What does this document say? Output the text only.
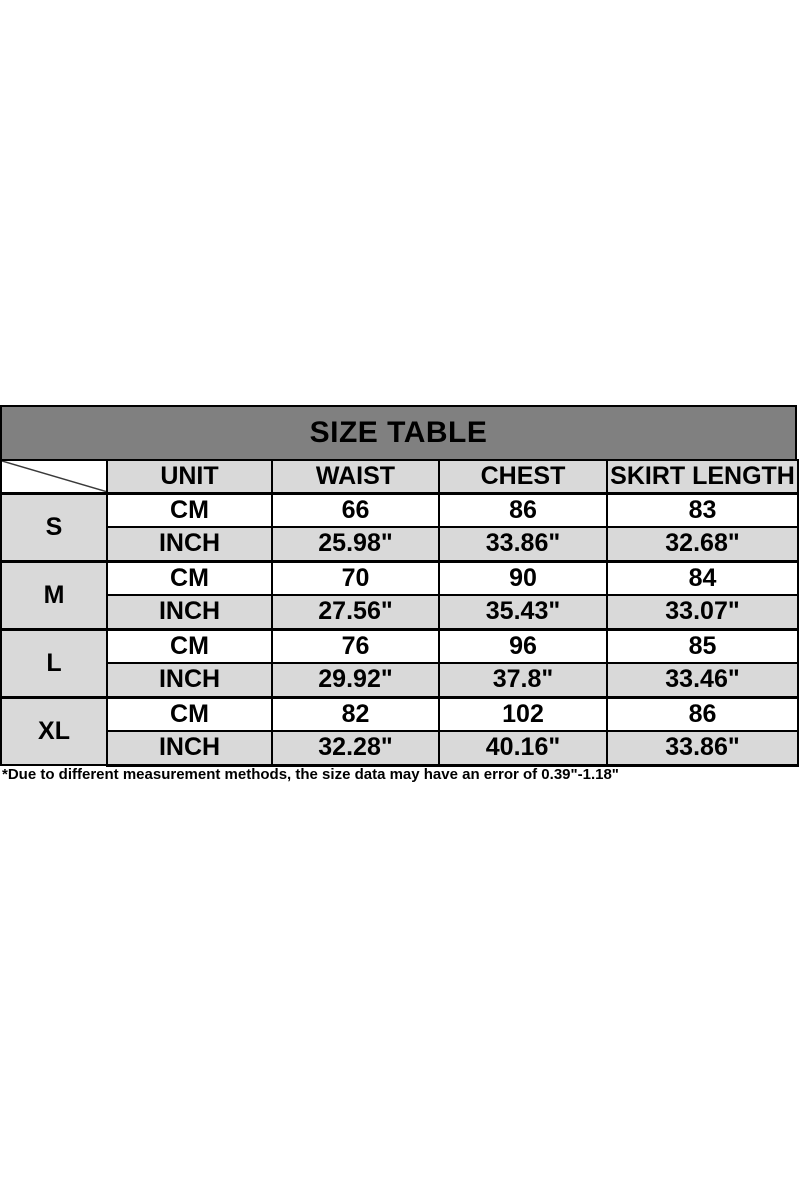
SIZE TABLE
	UNIT	WAIST	CHEST	SKIRT LENGTH
S	CM	66	86	83
	INCH	25.98"	33.86"	32.68"
M	CM	70	90	84
	INCH	27.56"	35.43"	33.07"
L	CM	76	96	85
	INCH	29.92"	37.8"	33.46"
XL	CM	82	102	86
	INCH	32.28"	40.16"	33.86"
*Due to different measurement methods, the size data may have an error of 0.39"-1.18"
